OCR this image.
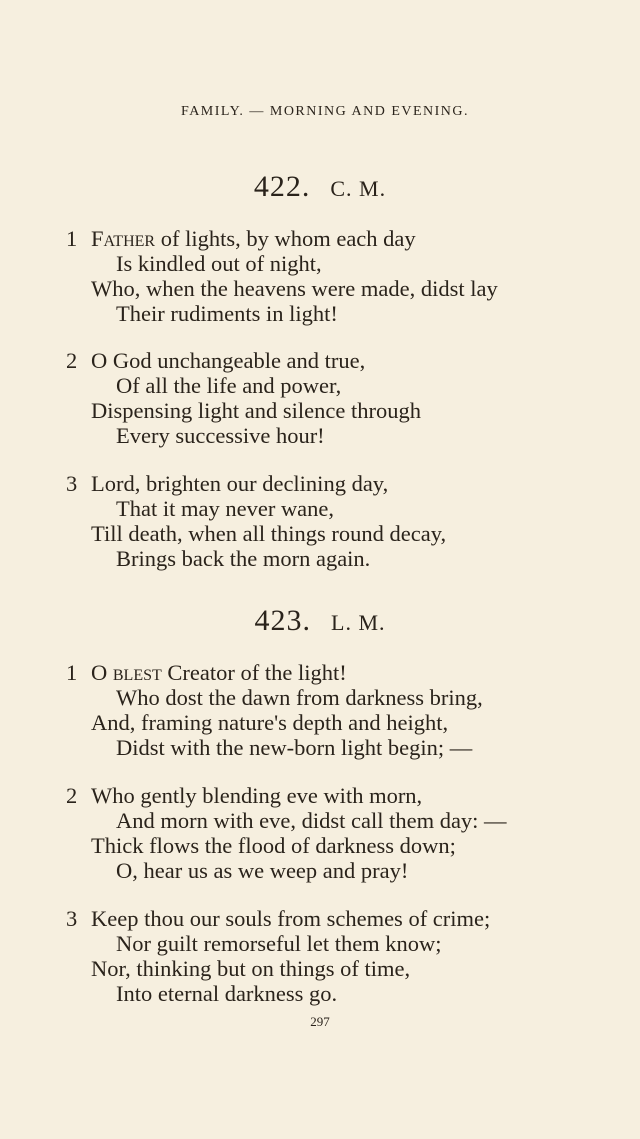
FAMILY. — MORNING AND EVENING.
422. C. M.
1 Father of lights, by whom each day
Is kindled out of night,
Who, when the heavens were made, didst lay
Their rudiments in light!
2 O God unchangeable and true,
Of all the life and power,
Dispensing light and silence through
Every successive hour!
3 Lord, brighten our declining day,
That it may never wane,
Till death, when all things round decay,
Brings back the morn again.
423. L. M.
1 O blest Creator of the light!
Who dost the dawn from darkness bring,
And, framing nature's depth and height,
Didst with the new-born light begin; —
2 Who gently blending eve with morn,
And morn with eve, didst call them day: —
Thick flows the flood of darkness down;
O, hear us as we weep and pray!
3 Keep thou our souls from schemes of crime;
Nor guilt remorseful let them know;
Nor, thinking but on things of time,
Into eternal darkness go.
297
